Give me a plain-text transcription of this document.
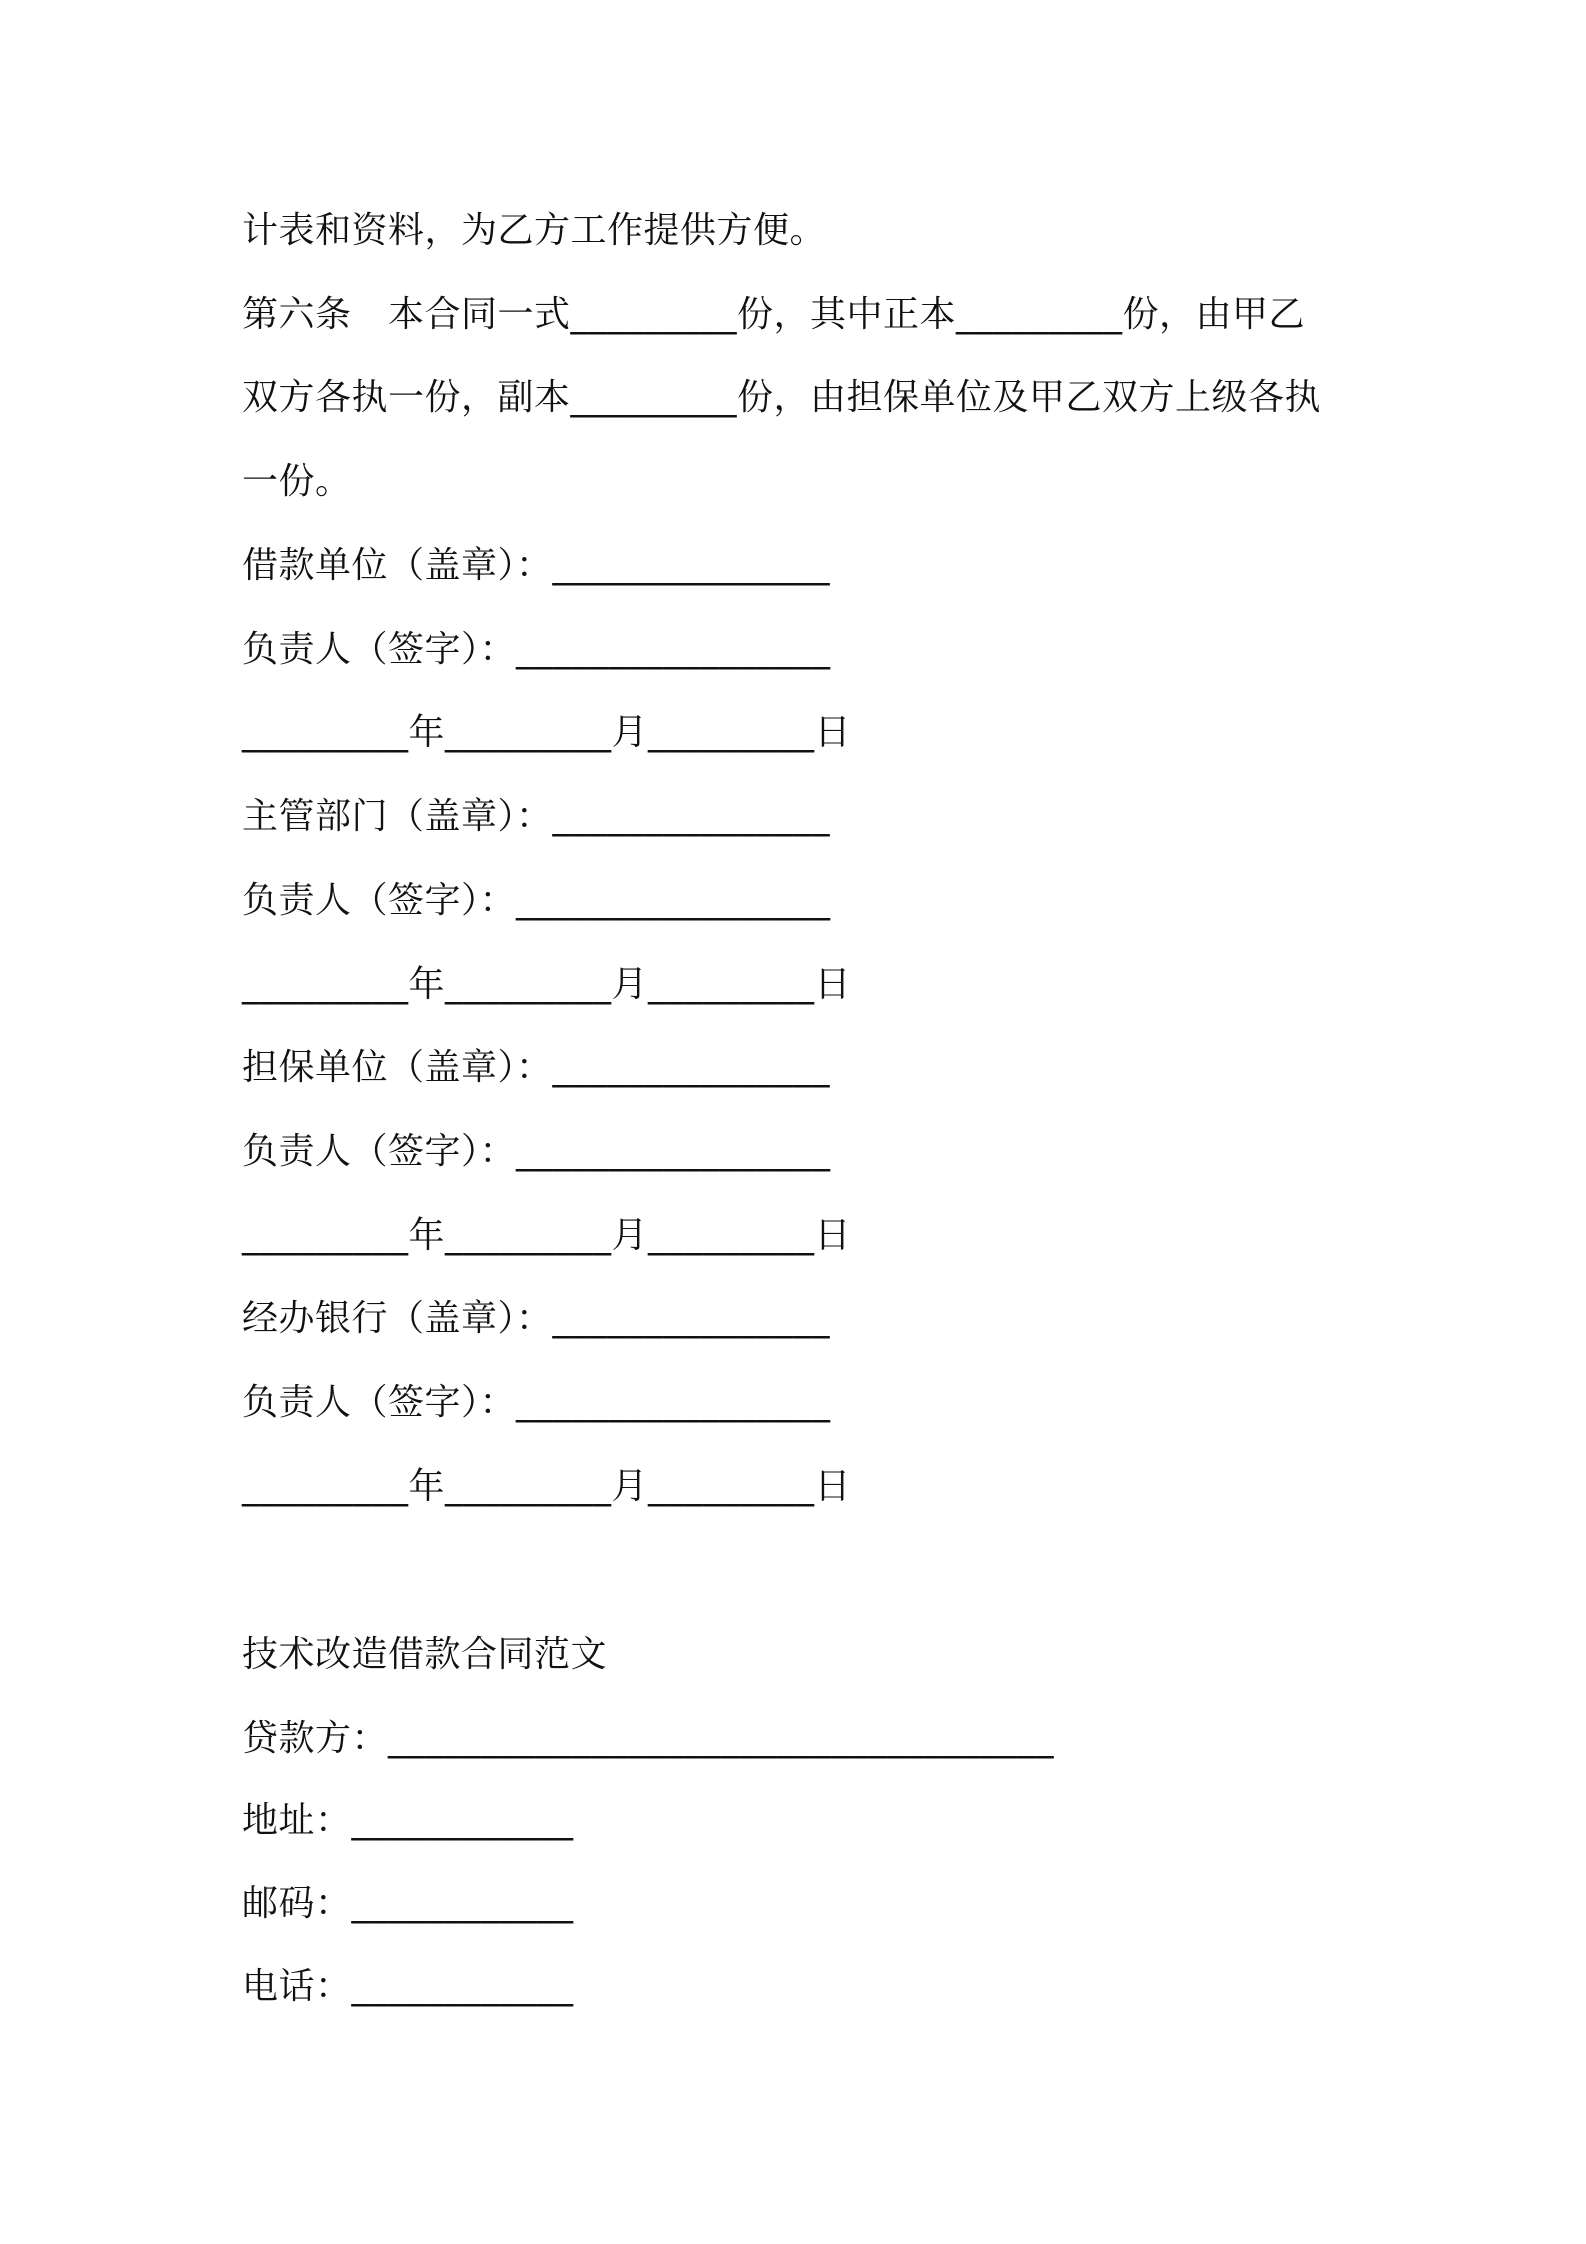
计表和资料，为乙方工作提供方便。
第六条　本合同一式_________份，其中正本_________份，由甲乙
双方各执一份，副本_________份，由担保单位及甲乙双方上级各执
一份。
借款单位（盖章）：_______________
负责人（签字）：_________________
_________年_________月_________日
主管部门（盖章）：_______________
负责人（签字）：_________________
_________年_________月_________日
担保单位（盖章）：_______________
负责人（签字）：_________________
_________年_________月_________日
经办银行（盖章）：_______________
负责人（签字）：_________________
_________年_________月_________日
技术改造借款合同范文
贷款方：____________________________________
地址：____________
邮码：____________
电话：____________
